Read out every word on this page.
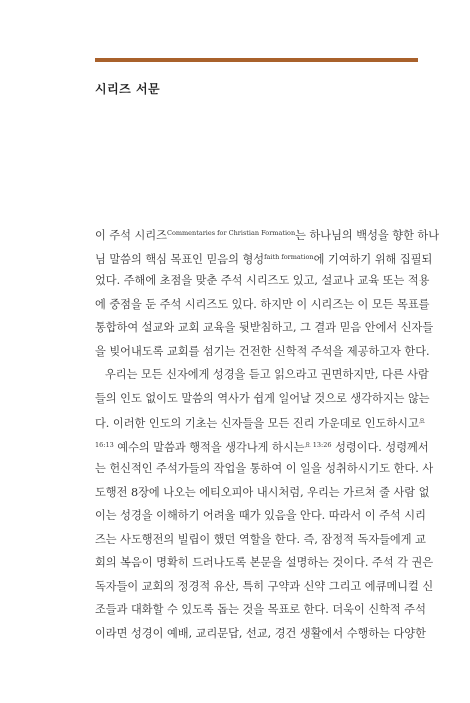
시리즈 서문
이 주석 시리즈$^{Commentaries for Christian Formation}$는 하나님의 백성을 향한 하나
님 말씀의 핵심 목표인 믿음의 형성$^{faith formation}$에 기여하기 위해 집필되
었다. 주해에 초점을 맞춘 주석 시리즈도 있고, 설교나 교육 또는 적용
에 중점을 둔 주석 시리즈도 있다. 하지만 이 시리즈는 이 모든 목표를
통합하여 설교와 교회 교육을 뒷받침하고, 그 결과 믿음 안에서 신자들
을 빚어내도록 교회를 섬기는 건전한 신학적 주석을 제공하고자 한다.
우리는 모든 신자에게 성경을 듣고 읽으라고 권면하지만, 다른 사람
들의 인도 없이도 말씀의 역사가 쉽게 일어날 것으로 생각하지는 않는
다. 이러한 인도의 기초는 신자들을 모든 진리 가운데로 인도하시고$^요$
$^{16:13}$ 예수의 말씀과 행적을 생각나게 하시는$^{요 13:26}$ 성령이다. 성령께서
는 헌신적인 주석가들의 작업을 통하여 이 일을 성취하시기도 한다. 사
도행전 8장에 나오는 에티오피아 내시처럼, 우리는 가르쳐 줄 사람 없
이는 성경을 이해하기 어려울 때가 있음을 안다. 따라서 이 주석 시리
즈는 사도행전의 빌립이 했던 역할을 한다. 즉, 잠정적 독자들에게 교
회의 복음이 명확히 드러나도록 본문을 설명하는 것이다. 주석 각 권은
독자들이 교회의 정경적 유산, 특히 구약과 신약 그리고 에큐메니컬 신
조들과 대화할 수 있도록 돕는 것을 목표로 한다. 더욱이 신학적 주석
이라면 성경이 예배, 교리문답, 선교, 경건 생활에서 수행하는 다양한
